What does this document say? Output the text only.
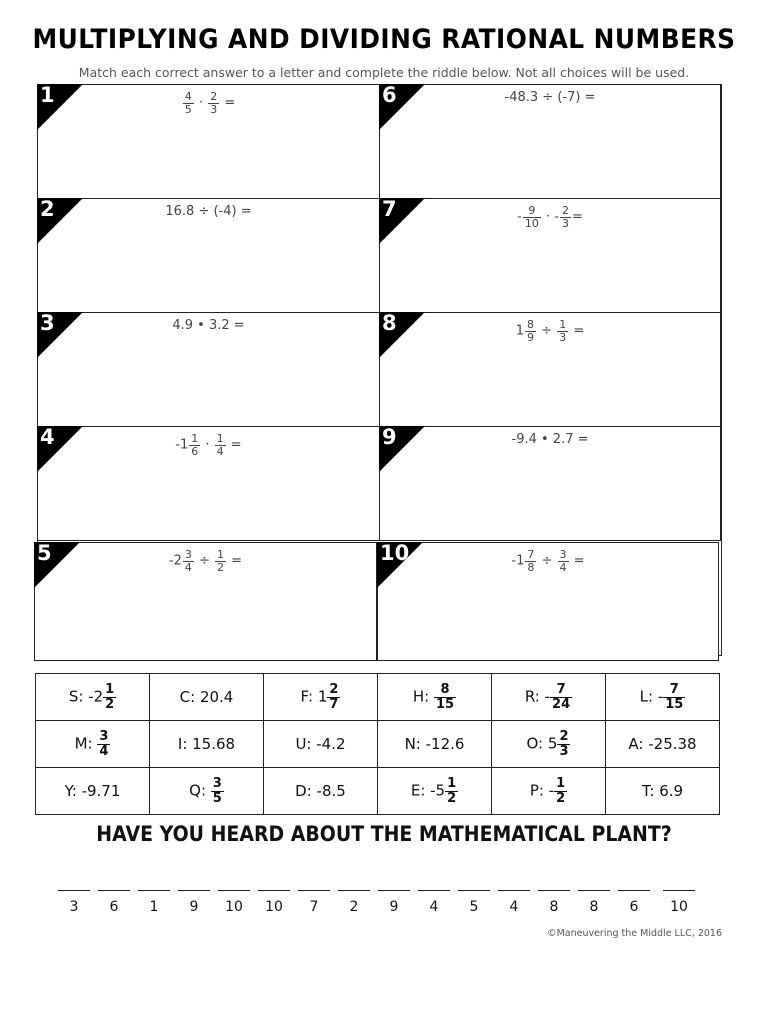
MULTIPLYING AND DIVIDING RATIONAL NUMBERS
Match each correct answer to a letter and complete the riddle below. Not all choices will be used.
1	$\frac{4}{5} \cdot \frac{2}{3}$ =
2	16.8 ÷ (-4) =
3	4.9 • 3.2 =
4	$-1 \frac{1}{6} \cdot \frac{1}{4}$ =
5	$-2 \frac{3}{4} \div \frac{1}{2}$ =
6	-48.3 ÷ (-7) =
7	- $\frac{9}{10}$ · - $\frac{2}{3}$ =
8	$1 \frac{8}{9} \div \frac{1}{3}$ =
9	-9.4 • 2.7 =
10	$-1 \frac{7}{8} \div \frac{3}{4}$ =
S: $-2 \frac{1}{2}$	C: 20.4	F: $1 \frac{2}{7}$	H: $\frac{8}{15}$	R: - $\frac{7}{24}$	L: - $\frac{7}{15}$

M: $\frac{3}{4}$	I: 15.68	U: -4.2	N: -12.6	O: $5 \frac{2}{3}$	A: -25.38
Y: -9.71	Q: $\frac{3}{5}$	D: -8.5	E: $-5 \frac{1}{2}$	P: - $\frac{1}{2}$	T: 6.9
HAVE YOU HEARD ABOUT THE MATHEMATICAL PLANT?
3	6	1	9	10	10	7	2	9	4	5	4	8	8	6	10
©Maneuvering the Middle LLC, 2016
